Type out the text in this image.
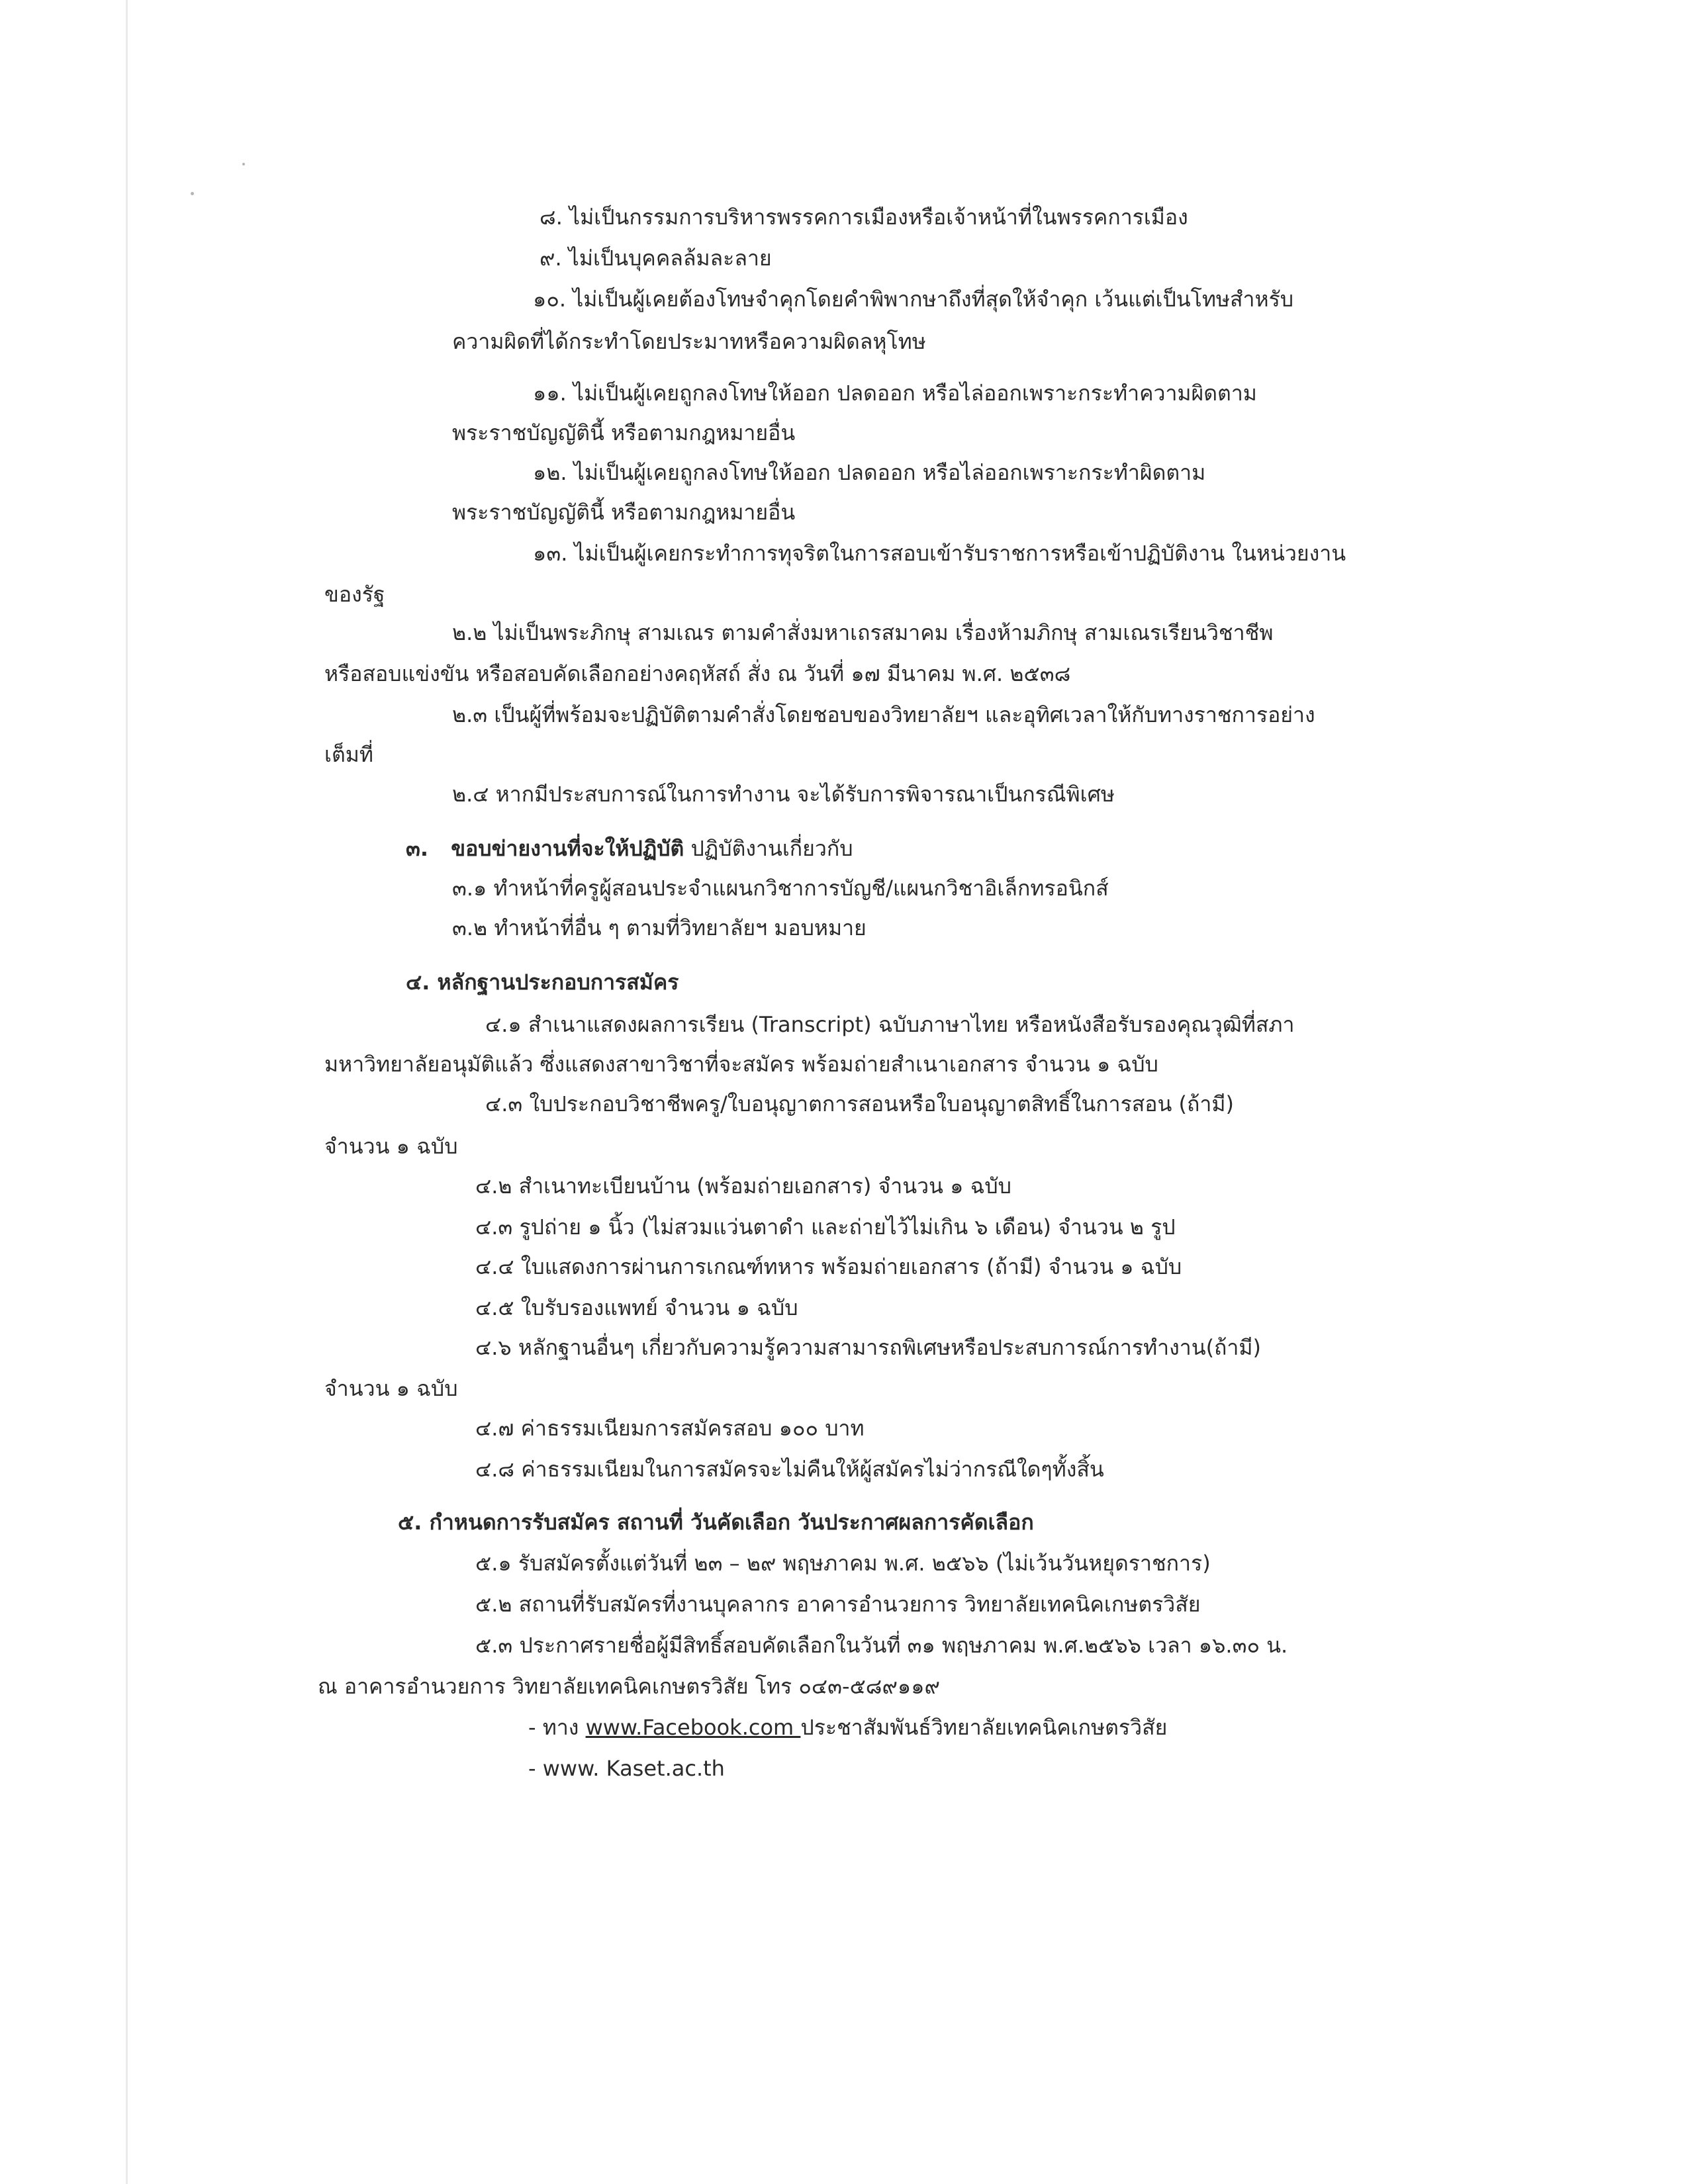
๘. ไม่เป็นกรรมการบริหารพรรคการเมืองหรือเจ้าหน้าที่ในพรรคการเมือง
๙. ไม่เป็นบุคคลล้มละลาย
๑๐. ไม่เป็นผู้เคยต้องโทษจำคุกโดยคำพิพากษาถึงที่สุดให้จำคุก เว้นแต่เป็นโทษสำหรับ
ความผิดที่ได้กระทำโดยประมาทหรือความผิดลหุโทษ
๑๑. ไม่เป็นผู้เคยถูกลงโทษให้ออก ปลดออก หรือไล่ออกเพราะกระทำความผิดตาม
พระราชบัญญัตินี้ หรือตามกฎหมายอื่น
๑๒. ไม่เป็นผู้เคยถูกลงโทษให้ออก ปลดออก หรือไล่ออกเพราะกระทำผิดตาม
พระราชบัญญัตินี้ หรือตามกฎหมายอื่น
๑๓. ไม่เป็นผู้เคยกระทำการทุจริตในการสอบเข้ารับราชการหรือเข้าปฏิบัติงาน ในหน่วยงาน
ของรัฐ
๒.๒ ไม่เป็นพระภิกษุ สามเณร ตามคำสั่งมหาเถรสมาคม เรื่องห้ามภิกษุ สามเณรเรียนวิชาชีพ
หรือสอบแข่งขัน หรือสอบคัดเลือกอย่างคฤหัสถ์ สั่ง ณ วันที่ ๑๗ มีนาคม พ.ศ. ๒๕๓๘
๒.๓ เป็นผู้ที่พร้อมจะปฏิบัติตามคำสั่งโดยชอบของวิทยาลัยฯ และอุทิศเวลาให้กับทางราชการอย่าง
เต็มที่
๒.๔ หากมีประสบการณ์ในการทำงาน จะได้รับการพิจารณาเป็นกรณีพิเศษ
๓. ขอบข่ายงานที่จะให้ปฏิบัติ ปฏิบัติงานเกี่ยวกับ
๓.๑ ทำหน้าที่ครูผู้สอนประจำแผนกวิชาการบัญชี/แผนกวิชาอิเล็กทรอนิกส์
๓.๒ ทำหน้าที่อื่น ๆ ตามที่วิทยาลัยฯ มอบหมาย
๔. หลักฐานประกอบการสมัคร
๔.๑ สำเนาแสดงผลการเรียน (Transcript) ฉบับภาษาไทย หรือหนังสือรับรองคุณวุฒิที่สภา
มหาวิทยาลัยอนุมัติแล้ว ซึ่งแสดงสาขาวิชาที่จะสมัคร พร้อมถ่ายสำเนาเอกสาร จำนวน ๑ ฉบับ
๔.๓ ใบประกอบวิชาชีพครู/ใบอนุญาตการสอนหรือใบอนุญาตสิทธิ์ในการสอน (ถ้ามี)
จำนวน ๑ ฉบับ
๔.๒ สำเนาทะเบียนบ้าน (พร้อมถ่ายเอกสาร) จำนวน ๑ ฉบับ
๔.๓ รูปถ่าย ๑ นิ้ว (ไม่สวมแว่นตาดำ และถ่ายไว้ไม่เกิน ๖ เดือน) จำนวน ๒ รูป
๔.๔ ใบแสดงการผ่านการเกณฑ์ทหาร พร้อมถ่ายเอกสาร (ถ้ามี) จำนวน ๑ ฉบับ
๔.๕ ใบรับรองแพทย์ จำนวน ๑ ฉบับ
๔.๖ หลักฐานอื่นๆ เกี่ยวกับความรู้ความสามารถพิเศษหรือประสบการณ์การทำงาน(ถ้ามี)
จำนวน ๑ ฉบับ
๔.๗ ค่าธรรมเนียมการสมัครสอบ ๑๐๐ บาท
๔.๘ ค่าธรรมเนียมในการสมัครจะไม่คืนให้ผู้สมัครไม่ว่ากรณีใดๆทั้งสิ้น
๕. กำหนดการรับสมัคร สถานที่ วันคัดเลือก วันประกาศผลการคัดเลือก
๕.๑ รับสมัครตั้งแต่วันที่ ๒๓ – ๒๙ พฤษภาคม พ.ศ. ๒๕๖๖ (ไม่เว้นวันหยุดราชการ)
๕.๒ สถานที่รับสมัครที่งานบุคลากร อาคารอำนวยการ วิทยาลัยเทคนิคเกษตรวิสัย
๕.๓ ประกาศรายชื่อผู้มีสิทธิ์สอบคัดเลือกในวันที่ ๓๑ พฤษภาคม พ.ศ.๒๕๖๖ เวลา ๑๖.๓๐ น.
ณ อาคารอำนวยการ วิทยาลัยเทคนิคเกษตรวิสัย โทร ๐๔๓-๕๘๙๑๑๙
- ทาง www.Facebook.com ประชาสัมพันธ์วิทยาลัยเทคนิคเกษตรวิสัย
- www. Kaset.ac.th
